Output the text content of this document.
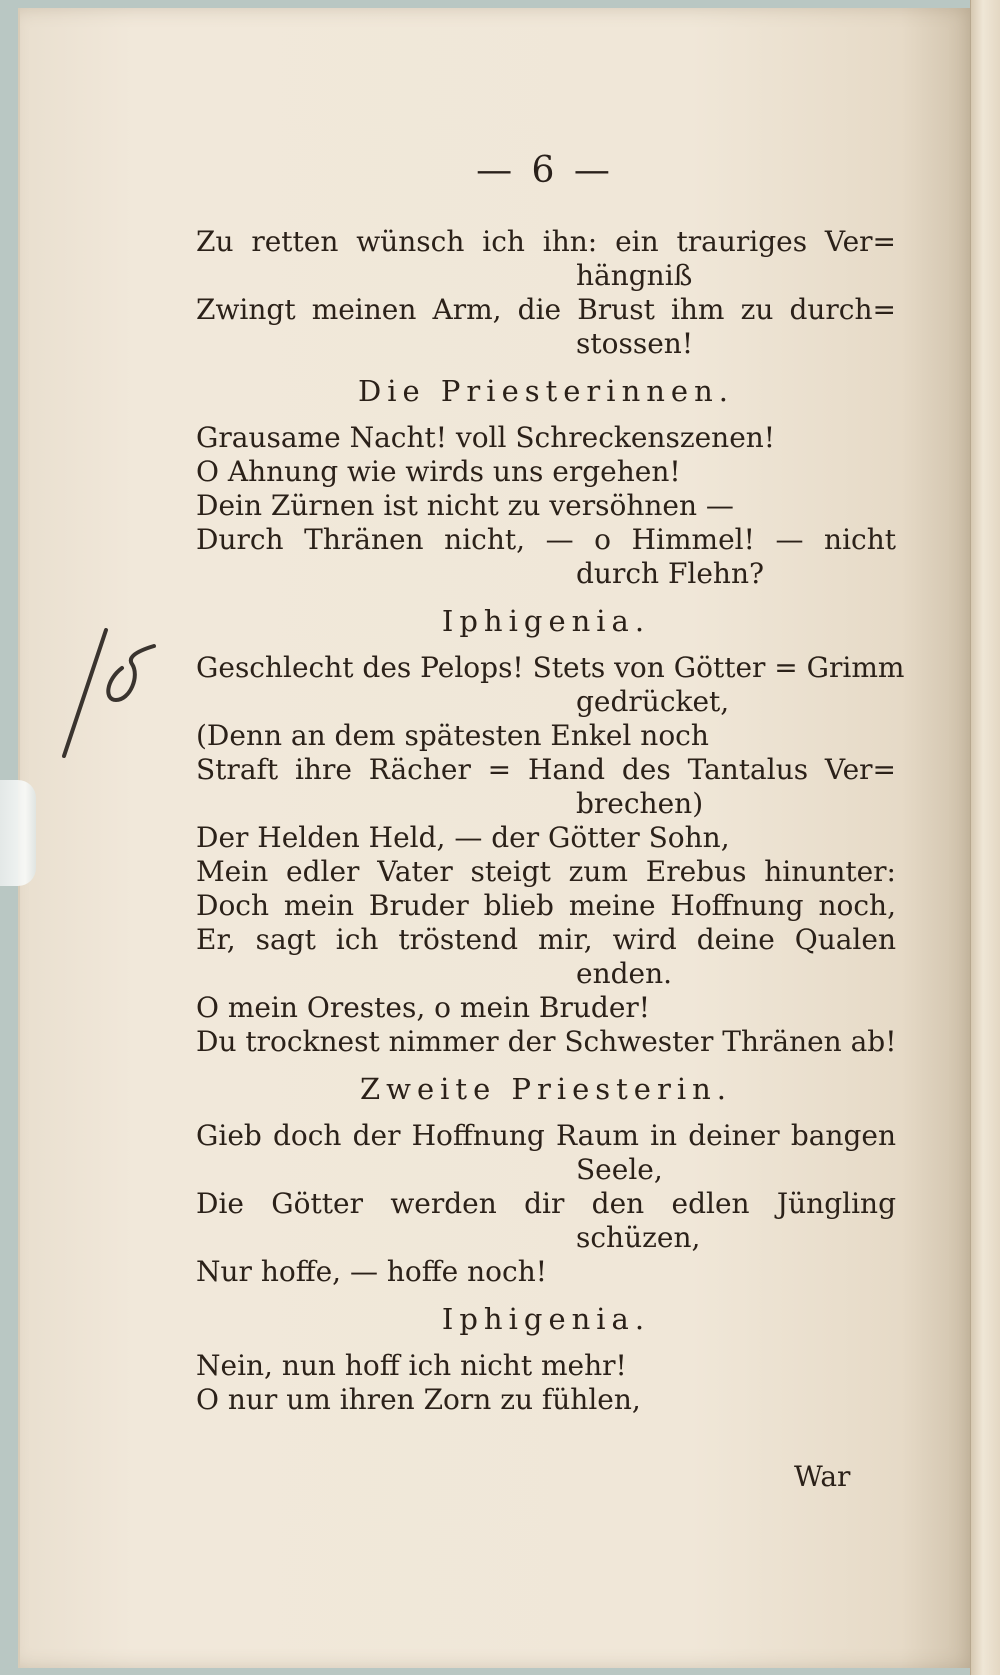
— 6 —
Zu retten wünsch ich ihn: ein trauriges Ver=
hängniß
Zwingt meinen Arm, die Brust ihm zu durch=
stossen!
Die Priesterinnen.
Grausame Nacht! voll Schreckenszenen!
O Ahnung wie wirds uns ergehen!
Dein Zürnen ist nicht zu versöhnen —
Durch Thränen nicht, — o Himmel! — nicht
durch Flehn?
Iphigenia.
Geschlecht des Pelops! Stets von Götter = Grimm
gedrücket,
(Denn an dem spätesten Enkel noch
Straft ihre Rächer = Hand des Tantalus Ver=
brechen)
Der Helden Held, — der Götter Sohn,
Mein edler Vater steigt zum Erebus hinunter:
Doch mein Bruder blieb meine Hoffnung noch,
Er, sagt ich tröstend mir, wird deine Qualen
enden.
O mein Orestes, o mein Bruder!
Du trocknest nimmer der Schwester Thränen ab!
Zweite Priesterin.
Gieb doch der Hoffnung Raum in deiner bangen
Seele,
Die Götter werden dir den edlen Jüngling
schüzen,
Nur hoffe, — hoffe noch!
Iphigenia.
Nein, nun hoff ich nicht mehr!
O nur um ihren Zorn zu fühlen,
War
